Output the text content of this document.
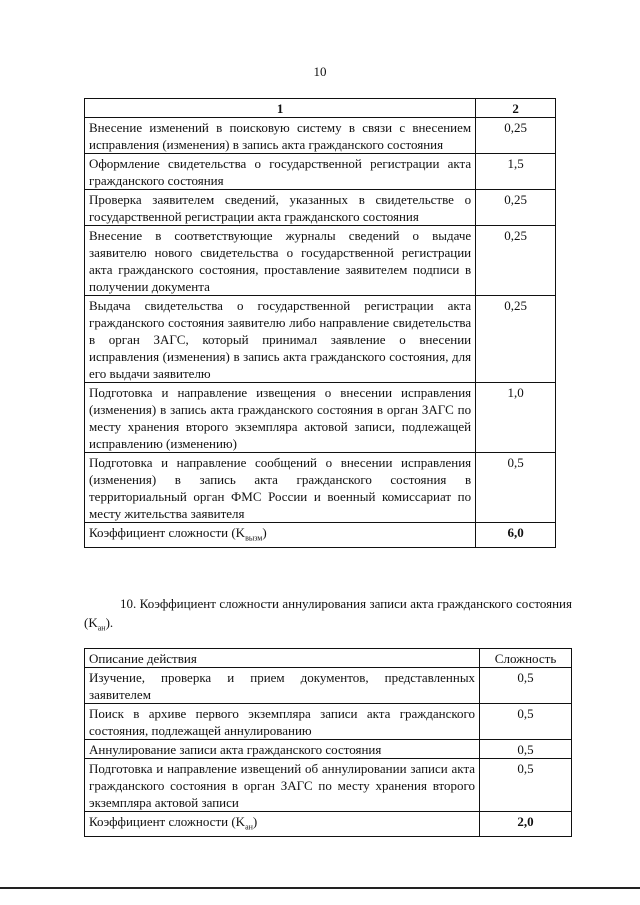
10
1	2
Внесение изменений в поисковую систему в связи с внесением исправления (изменения) в запись акта гражданского состояния	0,25
Оформление свидетельства о государственной регистрации акта гражданского состояния	1,5
Проверка заявителем сведений, указанных в свидетельстве о государственной регистрации акта гражданского состояния	0,25
Внесение в соответствующие журналы сведений о выдаче заявителю нового свидетельства о государственной регистрации акта гражданского состояния, проставление заявителем подписи в получении документа	0,25
Выдача свидетельства о государственной регистрации акта гражданского состояния заявителю либо направление свидетельства в орган ЗАГС, который принимал заявление о внесении исправления (изменения) в запись акта гражданского состояния, для его выдачи заявителю	0,25
Подготовка и направление извещения о внесении исправления (изменения) в запись акта гражданского состояния в орган ЗАГС по месту хранения второго экземпляра актовой записи, подлежащей исправлению (изменению)	1,0
Подготовка и направление сообщений о внесении исправления (изменения) в запись акта гражданского состояния в территориальный орган ФМС России и военный комиссариат по месту жительства заявителя	0,5
Коэффициент сложности $(K_{вызм})$	6,0
10. Коэффициент сложности аннулирования записи акта гражданского состояния $(K_{ан})$.
Описание действия	Сложность
Изучение, проверка и прием документов, представленных заявителем	0,5
Поиск в архиве первого экземпляра записи акта гражданского состояния, подлежащей аннулированию	0,5
Аннулирование записи акта гражданского состояния	0,5
Подготовка и направление извещений об аннулировании записи акта гражданского состояния в орган ЗАГС по месту хранения второго экземпляра актовой записи	0,5
Коэффициент сложности $(K_{ан})$	2,0
